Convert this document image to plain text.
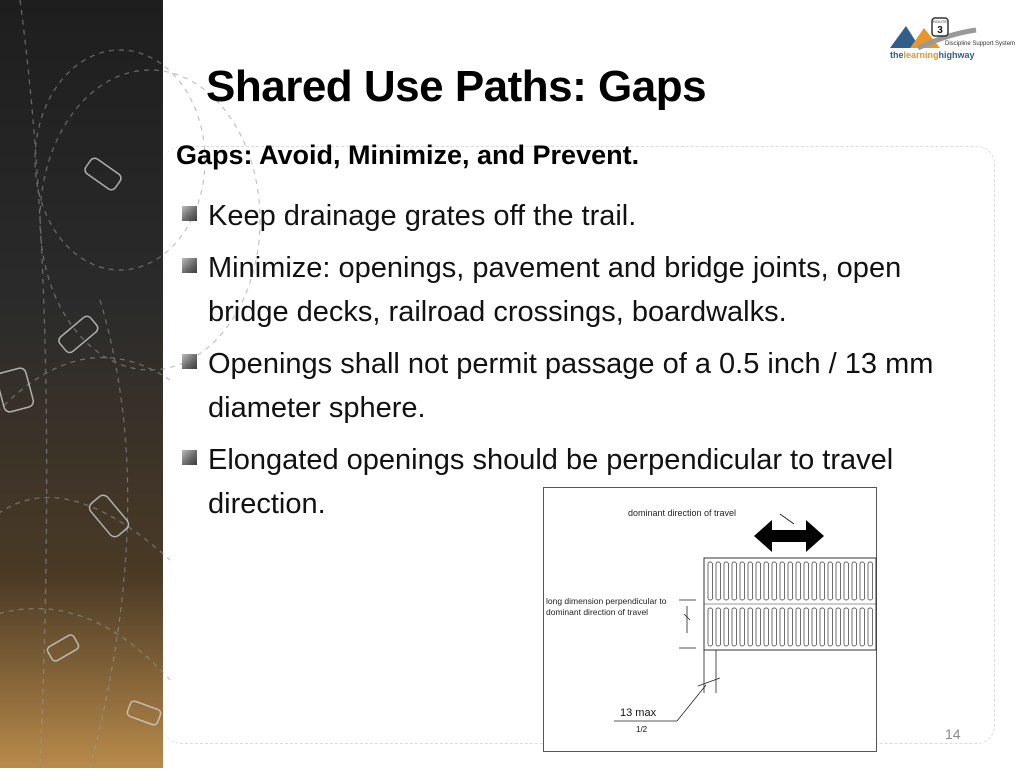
ROUTE
3
Discipline Support System
thelearninghighway
Shared Use Paths: Gaps

Gaps: Avoid, Minimize, and Prevent.

Keep drainage grates off the trail.
Minimize: openings, pavement and bridge joints, open bridge decks, railroad crossings, boardwalks.
Openings shall not permit passage of a 0.5 inch / 13 mm diameter sphere.
Elongated openings should be perpendicular to travel direction.	dominant direction of travel
long dimension perpendicular to
dominant direction of travel
13 max
1/2	14
